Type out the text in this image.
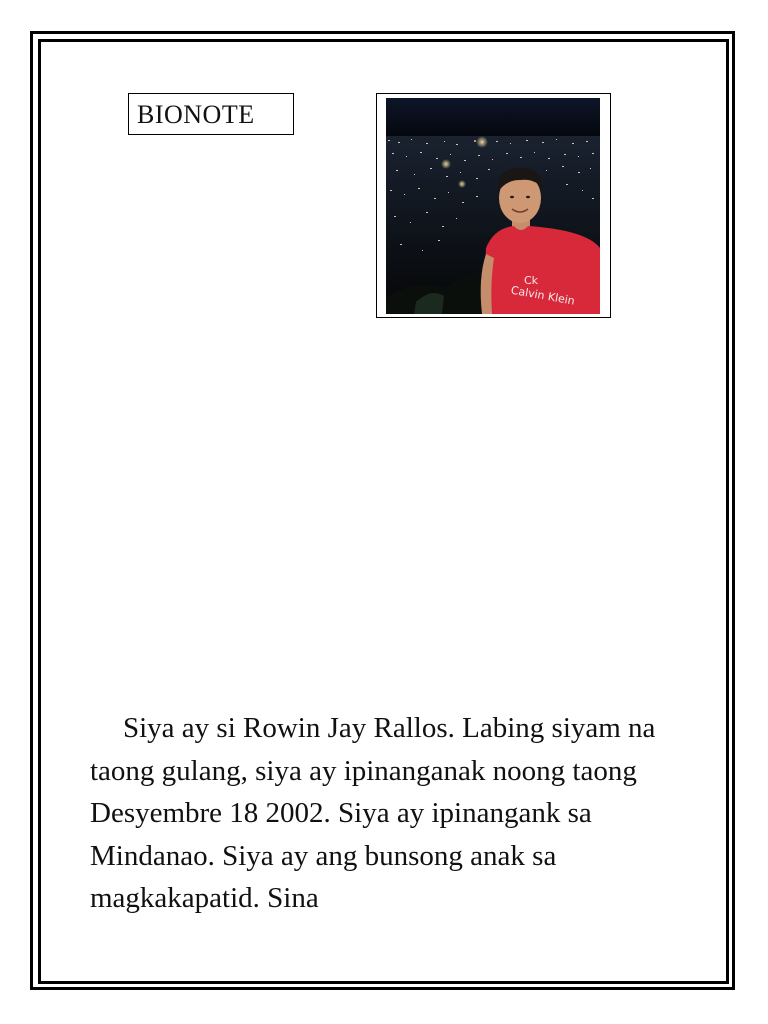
BIONOTE
Ck
Calvin Klein

Siya ay si Rowin Jay Rallos. Labing siyam na taong gulang, siya ay ipinanganak noong taong Desyembre 18 2002. Siya ay ipinangank sa Mindanao. Siya ay ang bunsong anak sa magkakapatid. Sina
